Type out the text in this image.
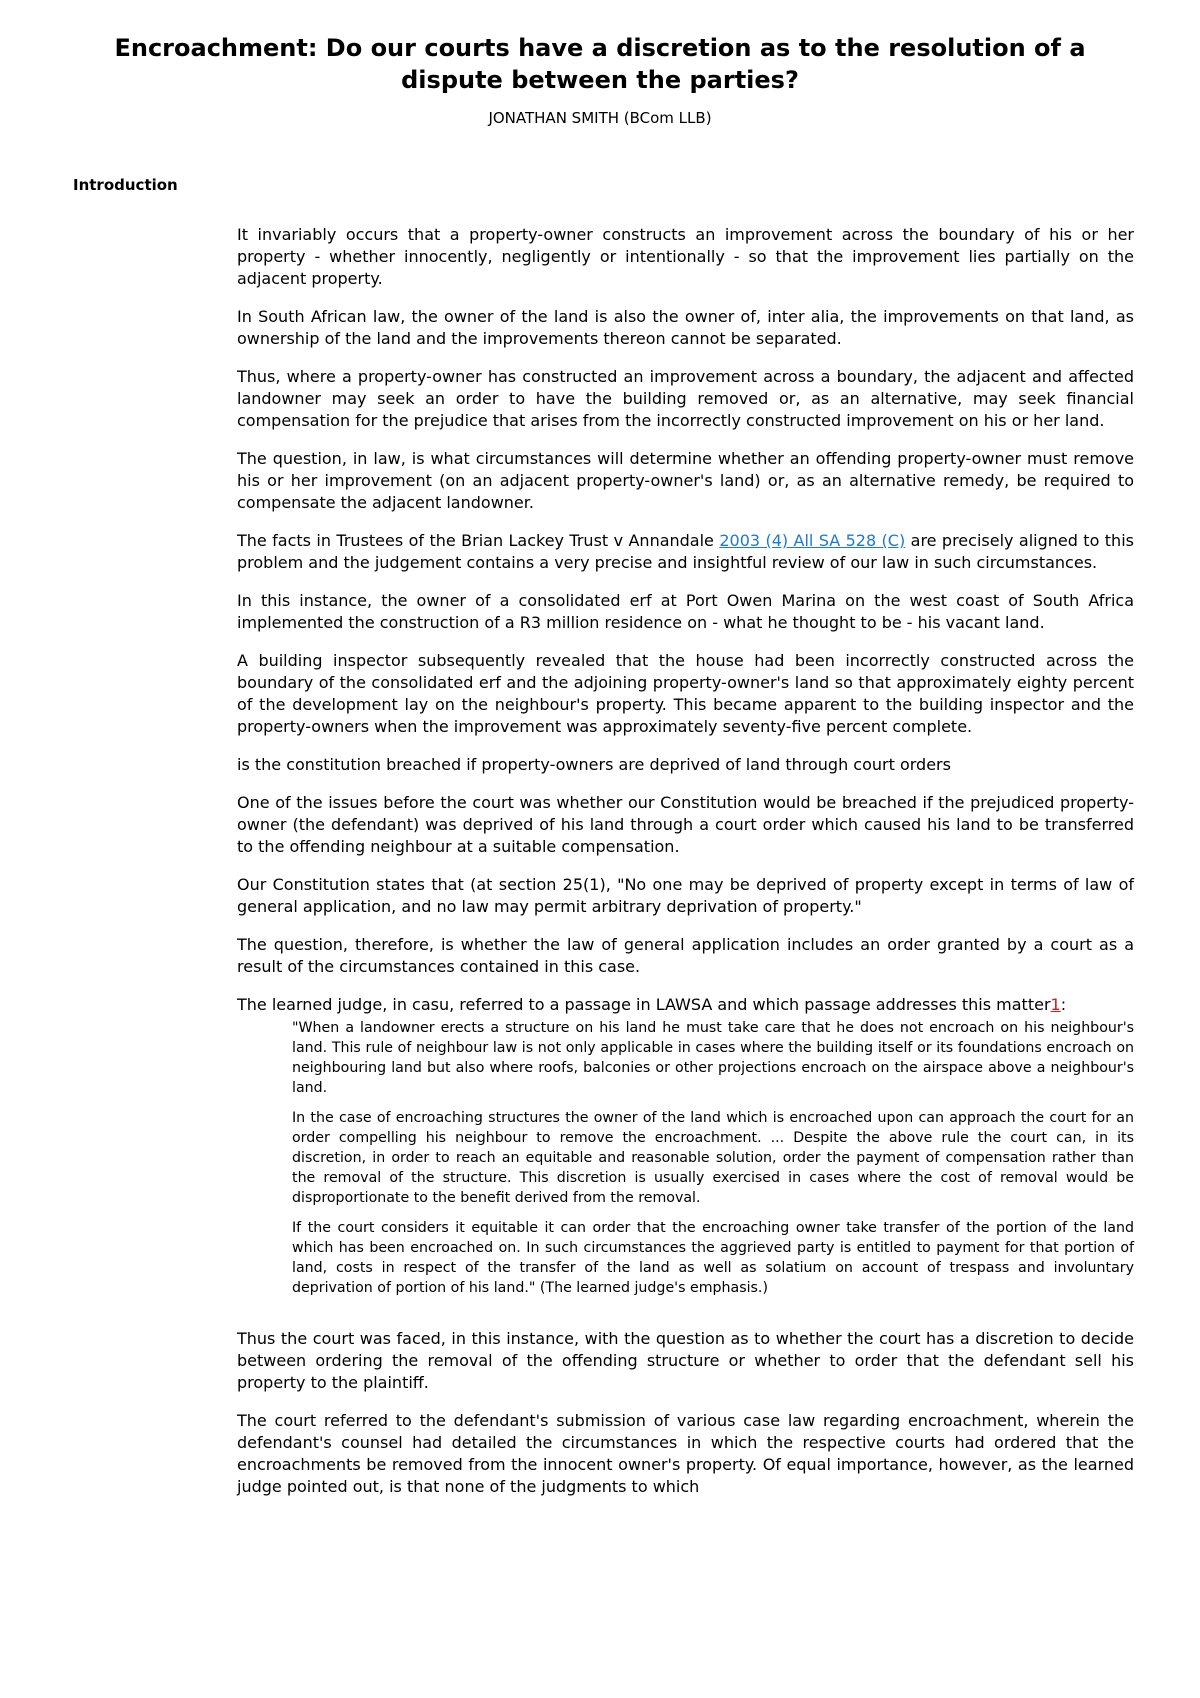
Encroachment: Do our courts have a discretion as to the resolution of a dispute between the parties?

JONATHAN SMITH (BCom LLB)

Introduction

It invariably occurs that a property-owner constructs an improvement across the boundary of his or her property - whether innocently, negligently or intentionally - so that the improvement lies partially on the adjacent property.

In South African law, the owner of the land is also the owner of, inter alia, the improvements on that land, as ownership of the land and the improvements thereon cannot be separated.

Thus, where a property-owner has constructed an improvement across a boundary, the adjacent and affected landowner may seek an order to have the building removed or, as an alternative, may seek financial compensation for the prejudice that arises from the incorrectly constructed improvement on his or her land.

The question, in law, is what circumstances will determine whether an offending property-owner must remove his or her improvement (on an adjacent property-owner's land) or, as an alternative remedy, be required to compensate the adjacent landowner.

The facts in Trustees of the Brian Lackey Trust v Annandale 2003 (4) All SA 528 (C) are precisely aligned to this problem and the judgement contains a very precise and insightful review of our law in such circumstances.

In this instance, the owner of a consolidated erf at Port Owen Marina on the west coast of South Africa implemented the construction of a R3 million residence on - what he thought to be - his vacant land.

A building inspector subsequently revealed that the house had been incorrectly constructed across the boundary of the consolidated erf and the adjoining property-owner's land so that approximately eighty percent of the development lay on the neighbour's property. This became apparent to the building inspector and the property-owners when the improvement was approximately seventy-five percent complete.

is the constitution breached if property-owners are deprived of land through court orders

One of the issues before the court was whether our Constitution would be breached if the prejudiced property-owner (the defendant) was deprived of his land through a court order which caused his land to be transferred to the offending neighbour at a suitable compensation.

Our Constitution states that (at section 25(1), "No one may be deprived of property except in terms of law of general application, and no law may permit arbitrary deprivation of property."

The question, therefore, is whether the law of general application includes an order granted by a court as a result of the circumstances contained in this case.

The learned judge, in casu, referred to a passage in LAWSA and which passage addresses this matter1:

"When a landowner erects a structure on his land he must take care that he does not encroach on his neighbour's land. This rule of neighbour law is not only applicable in cases where the building itself or its foundations encroach on neighbouring land but also where roofs, balconies or other projections encroach on the airspace above a neighbour's land.

In the case of encroaching structures the owner of the land which is encroached upon can approach the court for an order compelling his neighbour to remove the encroachment. ... Despite the above rule the court can, in its discretion, in order to reach an equitable and reasonable solution, order the payment of compensation rather than the removal of the structure. This discretion is usually exercised in cases where the cost of removal would be disproportionate to the benefit derived from the removal.

If the court considers it equitable it can order that the encroaching owner take transfer of the portion of the land which has been encroached on. In such circumstances the aggrieved party is entitled to payment for that portion of land, costs in respect of the transfer of the land as well as solatium on account of trespass and involuntary deprivation of portion of his land." (The learned judge's emphasis.)

Thus the court was faced, in this instance, with the question as to whether the court has a discretion to decide between ordering the removal of the offending structure or whether to order that the defendant sell his property to the plaintiff.

The court referred to the defendant's submission of various case law regarding encroachment, wherein the defendant's counsel had detailed the circumstances in which the respective courts had ordered that the encroachments be removed from the innocent owner's property. Of equal importance, however, as the learned judge pointed out, is that none of the judgments to which
